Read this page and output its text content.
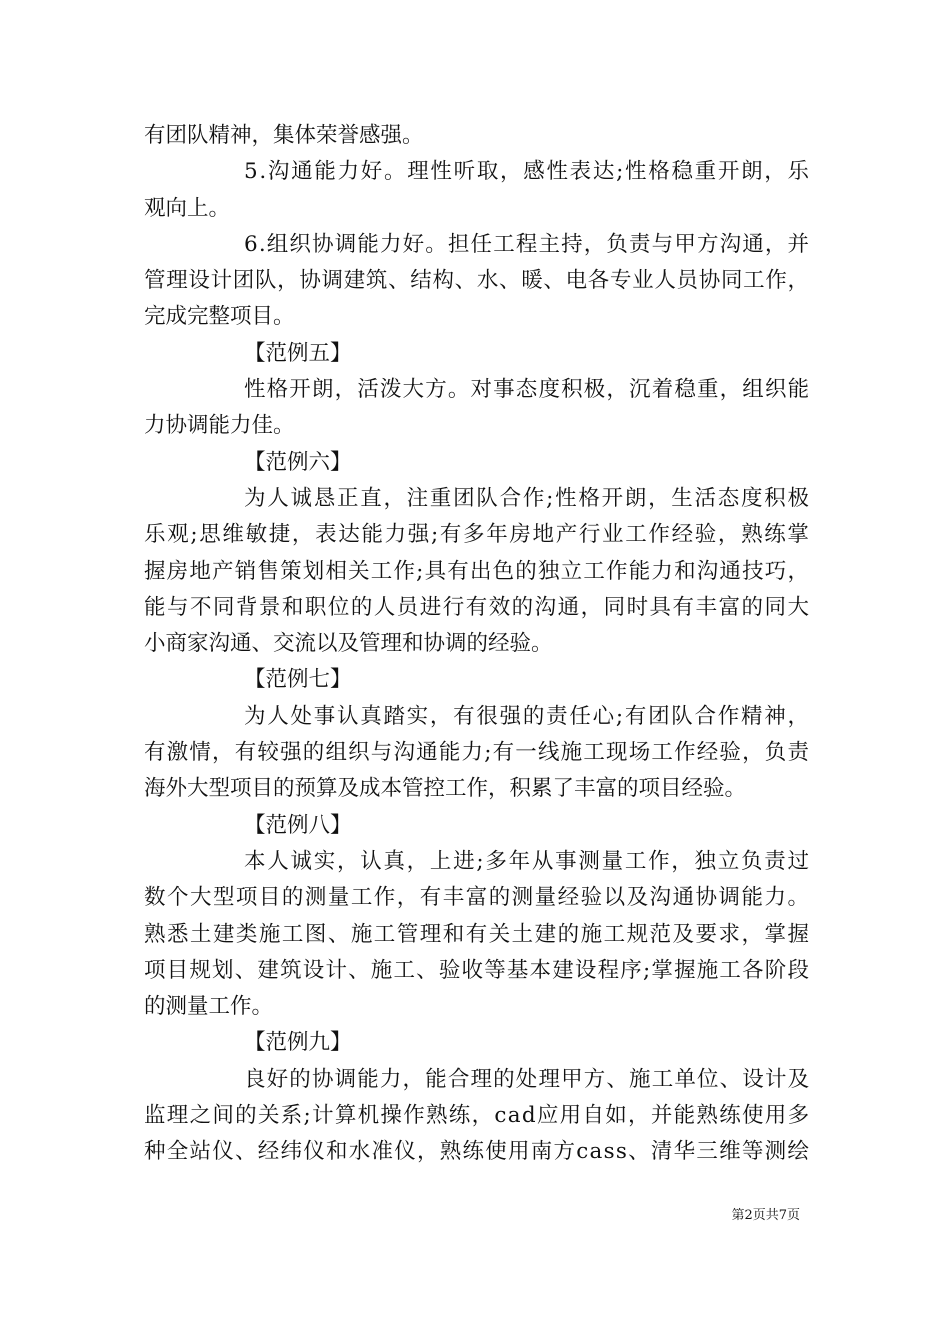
有团队精神，集体荣誉感强。
5.沟通能力好。理性听取，感性表达;性格稳重开朗，乐
观向上。
6.组织协调能力好。担任工程主持，负责与甲方沟通，并
管理设计团队，协调建筑、结构、水、暖、电各专业人员协同工作，
完成完整项目。
【范例五】
性格开朗，活泼大方。对事态度积极，沉着稳重，组织能
力协调能力佳。
【范例六】
为人诚恳正直，注重团队合作;性格开朗，生活态度积极
乐观;思维敏捷，表达能力强;有多年房地产行业工作经验，熟练掌
握房地产销售策划相关工作;具有出色的独立工作能力和沟通技巧，
能与不同背景和职位的人员进行有效的沟通，同时具有丰富的同大
小商家沟通、交流以及管理和协调的经验。
【范例七】
为人处事认真踏实，有很强的责任心;有团队合作精神，
有激情，有较强的组织与沟通能力;有一线施工现场工作经验，负责
海外大型项目的预算及成本管控工作，积累了丰富的项目经验。
【范例八】
本人诚实，认真，上进;多年从事测量工作，独立负责过
数个大型项目的测量工作，有丰富的测量经验以及沟通协调能力。
熟悉土建类施工图、施工管理和有关土建的施工规范及要求，掌握
项目规划、建筑设计、施工、验收等基本建设程序;掌握施工各阶段
的测量工作。
【范例九】
良好的协调能力，能合理的处理甲方、施工单位、设计及
监理之间的关系;计算机操作熟练，cad应用自如，并能熟练使用多
种全站仪、经纬仪和水准仪，熟练使用南方cass、清华三维等测绘
第2页共7页
